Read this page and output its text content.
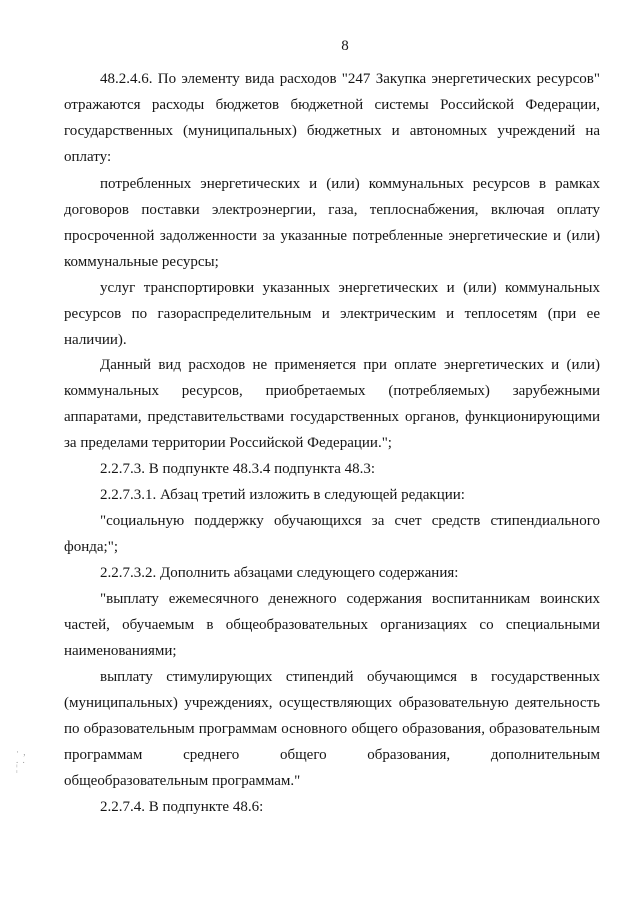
8

48.2.4.6. По элементу вида расходов "247 Закупка энергетических ресурсов" отражаются расходы бюджетов бюджетной системы Российской Федерации, государственных (муниципальных) бюджетных и автономных учреждений на оплату:

потребленных энергетических и (или) коммунальных ресурсов в рамках договоров поставки электроэнергии, газа, теплоснабжения, включая оплату просроченной задолженности за указанные потребленные энергетические и (или) коммунальные ресурсы;

услуг транспортировки указанных энергетических и (или) коммунальных ресурсов по газораспределительным и электрическим и теплосетям (при ее наличии).

Данный вид расходов не применяется при оплате энергетических и (или) коммунальных ресурсов, приобретаемых (потребляемых) зарубежными аппаратами, представительствами государственных органов, функционирующими за пределами территории Российской Федерации.";

2.2.7.3. В подпункте 48.3.4 подпункта 48.3:

2.2.7.3.1. Абзац третий изложить в следующей редакции:

"социальную поддержку обучающихся за счет средств стипендиального фонда;";

2.2.7.3.2. Дополнить абзацами следующего содержания:

"выплату ежемесячного денежного содержания воспитанникам воинских частей, обучаемым в общеобразовательных организациях со специальными наименованиями;

выплату стимулирующих стипендий обучающимся в государственных (муниципальных) учреждениях, осуществляющих образовательную деятельность по образовательным программам основного общего образования, образовательным программам среднего общего образования, дополнительным общеобразовательным программам."

2.2.7.4. В подпункте 48.6:

· ,
. .
¦
